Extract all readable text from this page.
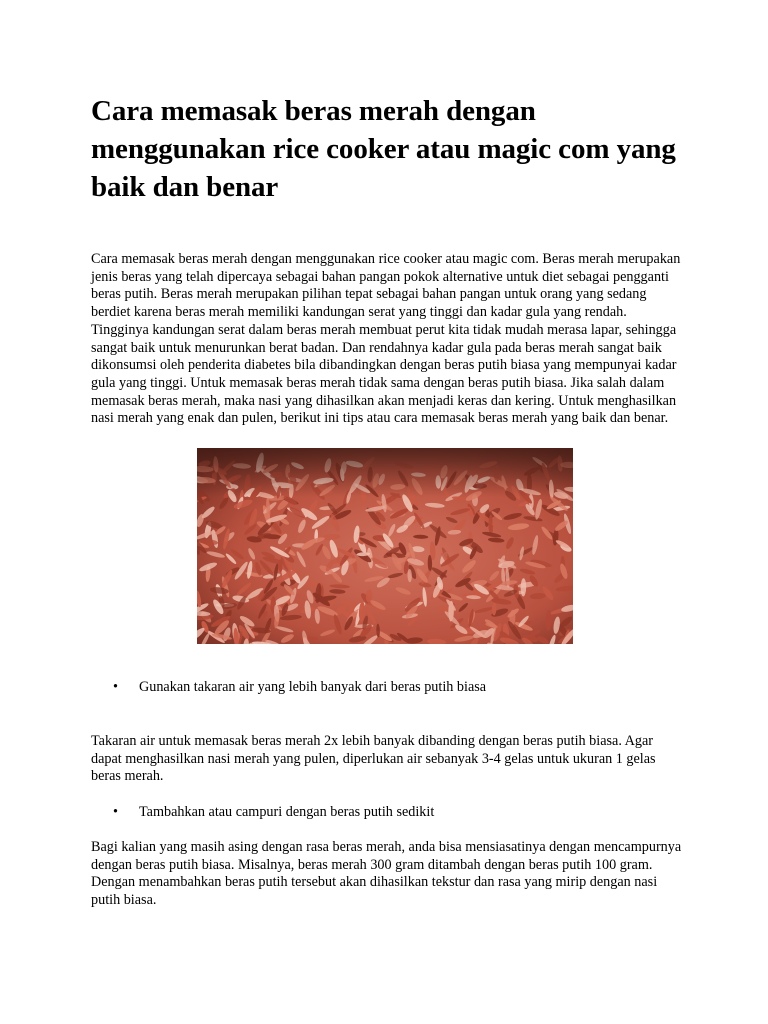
Cara memasak beras merah dengan menggunakan rice cooker atau magic com yang baik dan benar

Cara memasak beras merah dengan menggunakan rice cooker atau magic com. Beras merah merupakan jenis beras yang telah dipercaya sebagai bahan pangan pokok alternative untuk diet sebagai pengganti beras putih. Beras merah merupakan pilihan tepat sebagai bahan pangan untuk orang yang sedang berdiet karena beras merah memiliki kandungan serat yang tinggi dan kadar gula yang rendah. Tingginya kandungan serat dalam beras merah membuat perut kita tidak mudah merasa lapar, sehingga sangat baik untuk menurunkan berat badan. Dan rendahnya kadar gula pada beras merah sangat baik dikonsumsi oleh penderita diabetes bila dibandingkan dengan beras putih biasa yang mempunyai kadar gula yang tinggi. Untuk memasak beras merah tidak sama dengan beras putih biasa. Jika salah dalam memasak beras merah, maka nasi yang dihasilkan akan menjadi keras dan kering. Untuk menghasilkan nasi merah yang enak dan pulen, berikut ini tips atau cara memasak beras merah yang baik dan benar.

• Gunakan takaran air yang lebih banyak dari beras putih biasa

Takaran air untuk memasak beras merah 2x lebih banyak dibanding dengan beras putih biasa. Agar dapat menghasilkan nasi merah yang pulen, diperlukan air sebanyak 3-4 gelas untuk ukuran 1 gelas beras merah.

• Tambahkan atau campuri dengan beras putih sedikit

Bagi kalian yang masih asing dengan rasa beras merah, anda bisa mensiasatinya dengan mencampurnya dengan beras putih biasa. Misalnya, beras merah 300 gram ditambah dengan beras putih 100 gram. Dengan menambahkan beras putih tersebut akan dihasilkan tekstur dan rasa yang mirip dengan nasi putih biasa.
